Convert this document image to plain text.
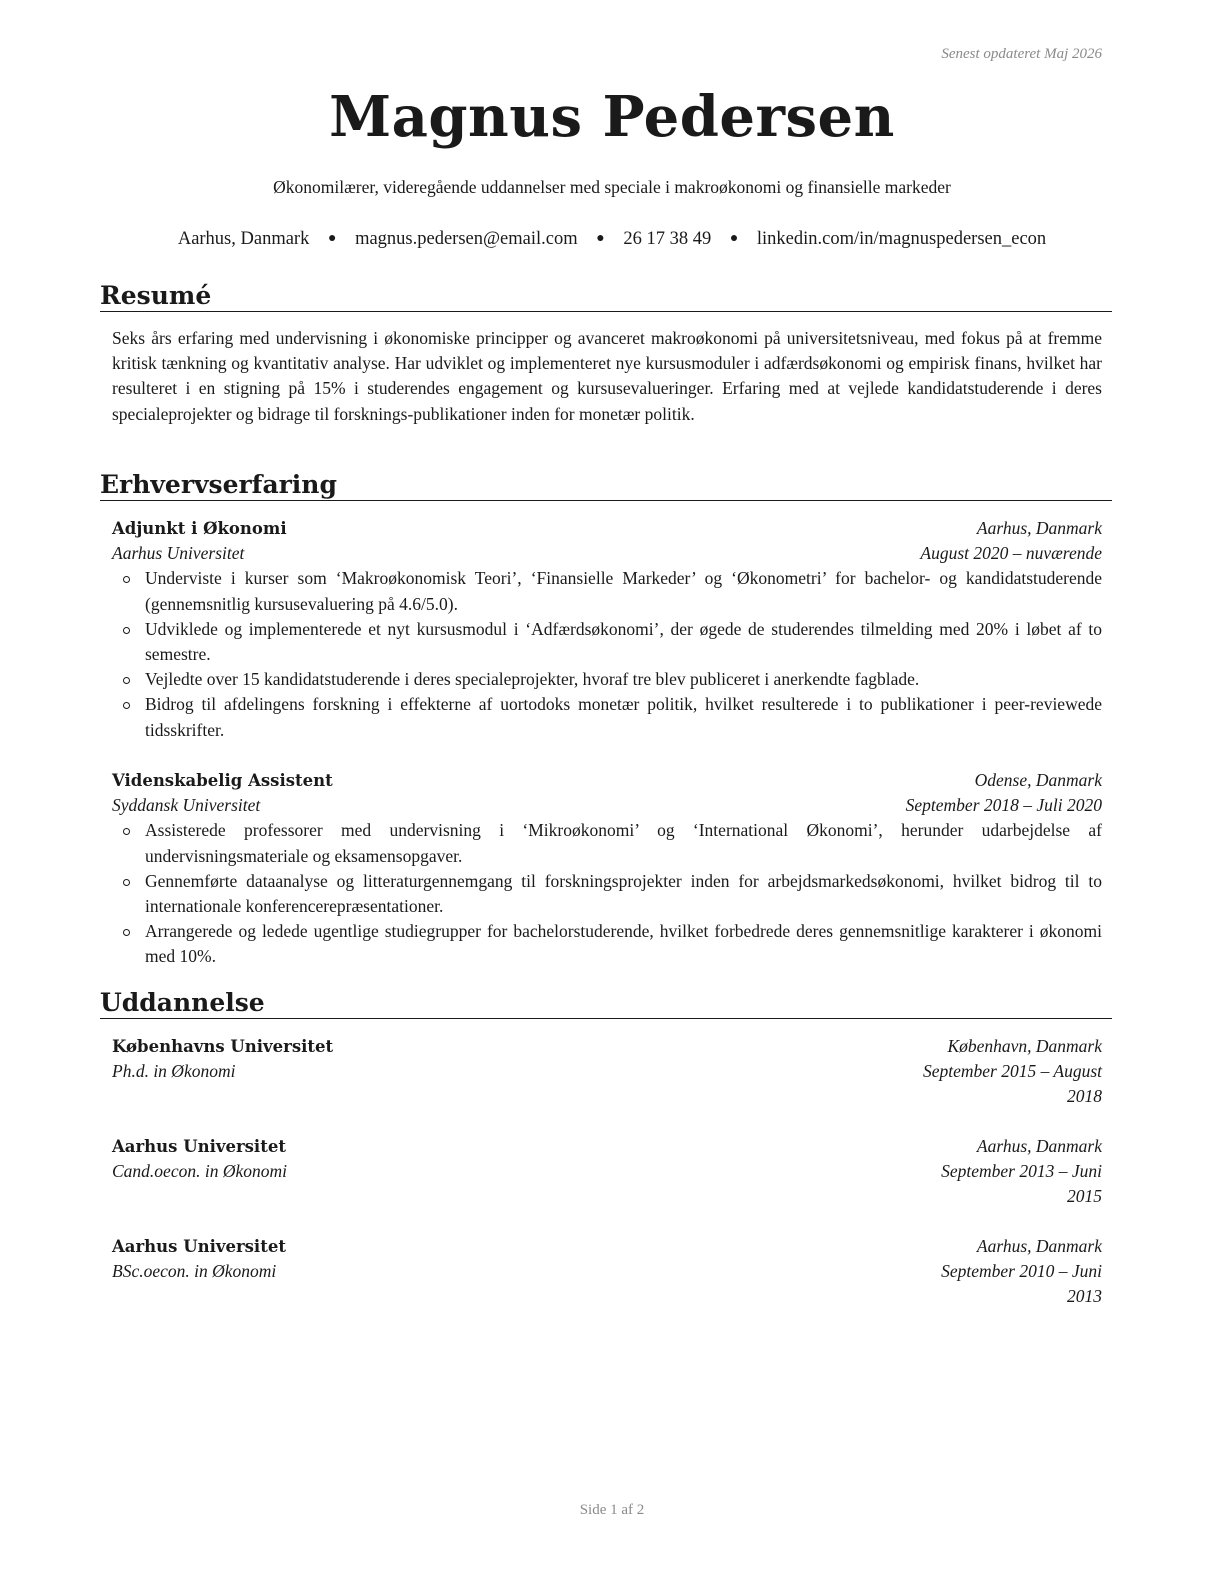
Senest opdateret Maj 2026
Magnus Pedersen
Økonomilærer, videregående uddannelser med speciale i makroøkonomi og finansielle markeder
Aarhus, Danmark ● magnus.pedersen@email.com ● 26 17 38 49 ● linkedin.com/in/magnuspedersen_econ
Resumé
Seks års erfaring med undervisning i økonomiske principper og avanceret makroøkonomi på universitetsniveau, med fokus på at fremme kritisk tænkning og kvantitativ analyse. Har udviklet og implementeret nye kursusmoduler i adfærdsøkonomi og empirisk finans, hvilket har resulteret i en stigning på 15% i studerendes engagement og kursusevalueringer. Erfaring med at vejlede kandidatstuderende i deres specialeprojekter og bidrage til forsknings-publikationer inden for monetær politik.
Erhvervserfaring
Adjunkt i Økonomi	Aarhus, Danmark
Aarhus Universitet	August 2020 – nuværende
Underviste i kurser som ‘Makroøkonomisk Teori’, ‘Finansielle Markeder’ og ‘Økonometri’ for bachelor- og kandidatstuderende (gennemsnitlig kursusevaluering på 4.6/5.0).
Udviklede og implementerede et nyt kursusmodul i ‘Adfærdsøkonomi’, der øgede de studerendes tilmelding med 20% i løbet af to semestre.
Vejledte over 15 kandidatstuderende i deres specialeprojekter, hvoraf tre blev publiceret i anerkendte fagblade.
Bidrog til afdelingens forskning i effekterne af uortodoks monetær politik, hvilket resulterede i to publikationer i peer-reviewede tidsskrifter.
Videnskabelig Assistent	Odense, Danmark
Syddansk Universitet	September 2018 – Juli 2020
Assisterede professorer med undervisning i ‘Mikroøkonomi’ og ‘International Økonomi’, herunder udarbejdelse af undervisningsmateriale og eksamensopgaver.
Gennemførte dataanalyse og litteraturgennemgang til forskningsprojekter inden for arbejdsmarkedsøkonomi, hvilket bidrog til to internationale konferencerepræsentationer.
Arrangerede og ledede ugentlige studiegrupper for bachelorstuderende, hvilket forbedrede deres gennemsnitlige karakterer i økonomi med 10%.
Uddannelse
Københavns Universitet	København, Danmark
Ph.d. in Økonomi	September 2015 – August
2018
Aarhus Universitet	Aarhus, Danmark
Cand.oecon. in Økonomi	September 2013 – Juni
2015
Aarhus Universitet	Aarhus, Danmark
BSc.oecon. in Økonomi	September 2010 – Juni
2013
Side 1 af 2
